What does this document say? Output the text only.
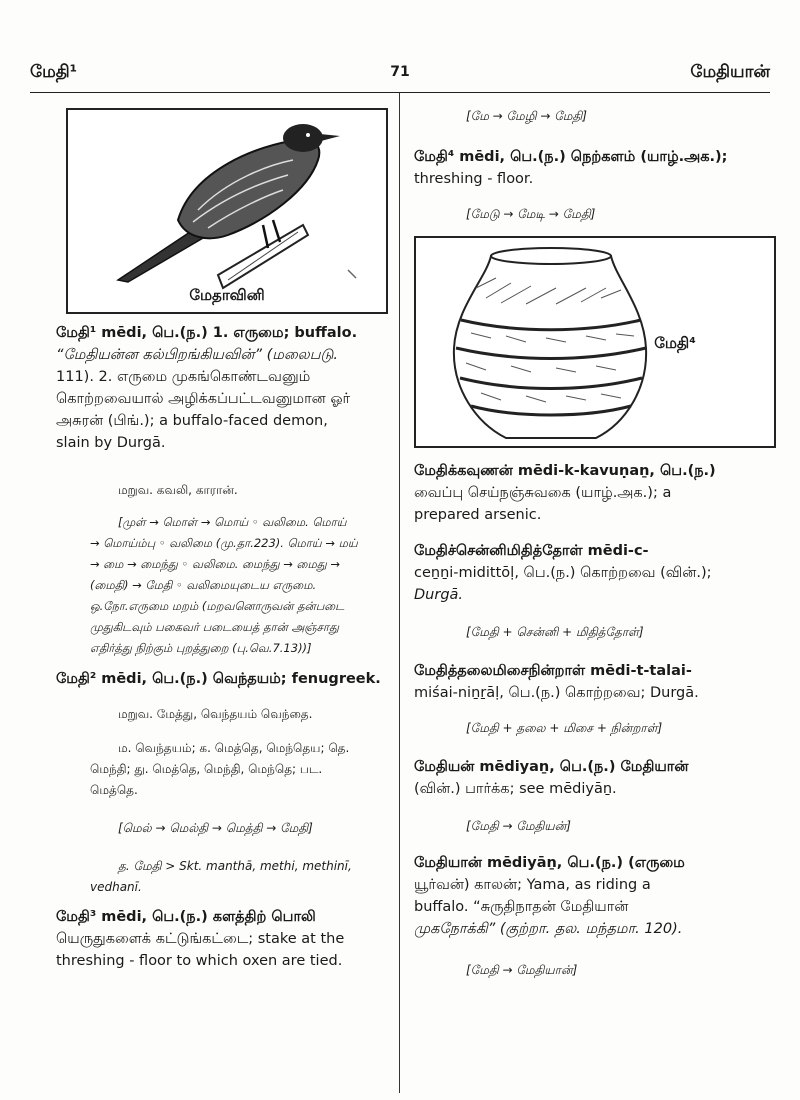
மேதி¹	71	மேதியான்
மேதாவினி
மேதி¹ mēdi, பெ.(ந.) 1. எருமை; buffalo.
“மேதியன்ன கல்பிறங்கியவின்” (மலைபடு.
111). 2. எருமை முகங்கொண்டவனும்
கொற்றவையால் அழிக்கப்பட்டவனுமான ஓர்
அசுரன் (பிங்.); a buffalo-faced demon,
slain by Durgā.
மறுவ. கவலி, காரான்.
[முள் → மொள் → மொய் ◦ வலிமை. மொய்
→ மொய்ம்பு ◦ வலிமை (மு.தா.223). மொய் → மய்
→ மை → மைந்து ◦ வலிமை. மைந்து → மைது →
(மைதி) → மேதி ◦ வலிமையுடைய எருமை.
ஒ.நோ.எருமை மறம் (மறவனொருவன் தன்படை
முதுகிடவும் பகைவர் படையைத் தான் அஞ்சாது
எதிர்த்து நிற்கும் புறத்துறை (பு.வெ.7.13))]
மேதி² mēdi, பெ.(ந.) வெந்தயம்; fenugreek.
மறுவ. மேத்து, வெந்தயம் வெந்தை.
ம. வெந்தயம்; க. மெத்தெ, மெந்தெய; தெ.
மெந்தி; து. மெத்தெ, மெந்தி, மெந்தெ; பட.
மெத்தெ.
[மெல் → மெல்தி → மெத்தி → மேதி]
த. மேதி > Skt. manthā, methi, methinī,
vedhanī.
மேதி³ mēdi, பெ.(ந.) களத்திற் பொலி
யெருதுகளைக் கட்டுங்கட்டை; stake at the
threshing - floor to which oxen are tied.
[மே → மேழி → மேதி]
மேதி⁴ mēdi, பெ.(ந.) நெற்களம் (யாழ்.அக.);
threshing - floor.
[மேடு → மேடி → மேதி]
மேதி⁴
மேதிக்கவுணன் mēdi-k-kavuṇaṉ, பெ.(ந.)
வைப்பு செய்நஞ்சுவகை (யாழ்.அக.); a
prepared arsenic.
மேதிச்சென்னிமிதித்தோள் mēdi-c-
ceṉṉi-midittōḷ, பெ.(ந.) கொற்றவை (வின்.);
Durgā.
[மேதி + சென்னி + மிதித்தோள்]
மேதித்தலைமிசைநின்றாள் mēdi-t-talai-
miśai-niṉṟāḷ, பெ.(ந.) கொற்றவை; Durgā.
[மேதி + தலை + மிசை + நின்றாள்]
மேதியன் mēdiyaṉ, பெ.(ந.) மேதியான்
(வின்.) பார்க்க; see mēdiyāṉ.
[மேதி → மேதியன்]
மேதியான் mēdiyāṉ, பெ.(ந.) (எருமை
யூர்வன்) காலன்; Yama, as riding a
buffalo. “சுருதிநாதன் மேதியான்
முகநோக்கி” (குற்றா. தல. மந்தமா. 120).
[மேதி → மேதியான்]
